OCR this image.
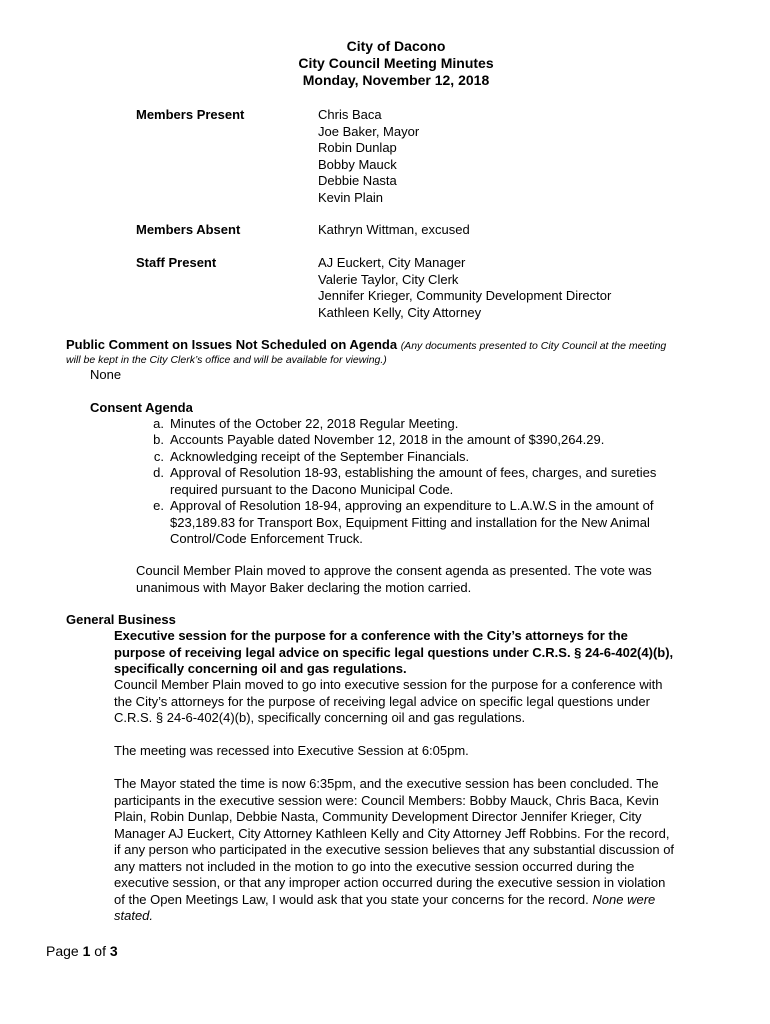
City of Dacono
City Council Meeting Minutes
Monday, November 12, 2018
Members Present	Chris Baca
Joe Baker, Mayor
Robin Dunlap
Bobby Mauck
Debbie Nasta
Kevin Plain
Members Absent	Kathryn Wittman, excused
Staff Present	AJ Euckert, City Manager
Valerie Taylor, City Clerk
Jennifer Krieger, Community Development Director
Kathleen Kelly, City Attorney
Public Comment on Issues Not Scheduled on Agenda (Any documents presented to City Council at the meeting
will be kept in the City Clerk’s office and will be available for viewing.)
None
Consent Agenda
a. Minutes of the October 22, 2018 Regular Meeting.
b. Accounts Payable dated November 12, 2018 in the amount of $390,264.29.
c. Acknowledging receipt of the September Financials.
d. Approval of Resolution 18-93, establishing the amount of fees, charges, and sureties required pursuant to the Dacono Municipal Code.
e. Approval of Resolution 18-94, approving an expenditure to L.A.W.S in the amount of $23,189.83 for Transport Box, Equipment Fitting and installation for the New Animal Control/Code Enforcement Truck.
Council Member Plain moved to approve the consent agenda as presented. The vote was unanimous with Mayor Baker declaring the motion carried.
General Business
Executive session for the purpose for a conference with the City’s attorneys for the purpose of receiving legal advice on specific legal questions under C.R.S. § 24-6-402(4)(b), specifically concerning oil and gas regulations.
Council Member Plain moved to go into executive session for the purpose for a conference with the City’s attorneys for the purpose of receiving legal advice on specific legal questions under C.R.S. § 24-6-402(4)(b), specifically concerning oil and gas regulations.
The meeting was recessed into Executive Session at 6:05pm.
The Mayor stated the time is now 6:35pm, and the executive session has been concluded. The participants in the executive session were: Council Members: Bobby Mauck, Chris Baca, Kevin Plain, Robin Dunlap, Debbie Nasta, Community Development Director Jennifer Krieger, City Manager AJ Euckert, City Attorney Kathleen Kelly and City Attorney Jeff Robbins. For the record, if any person who participated in the executive session believes that any substantial discussion of any matters not included in the motion to go into the executive session occurred during the executive session, or that any improper action occurred during the executive session in violation of the Open Meetings Law, I would ask that you state your concerns for the record. None were stated.
Page 1 of 3
